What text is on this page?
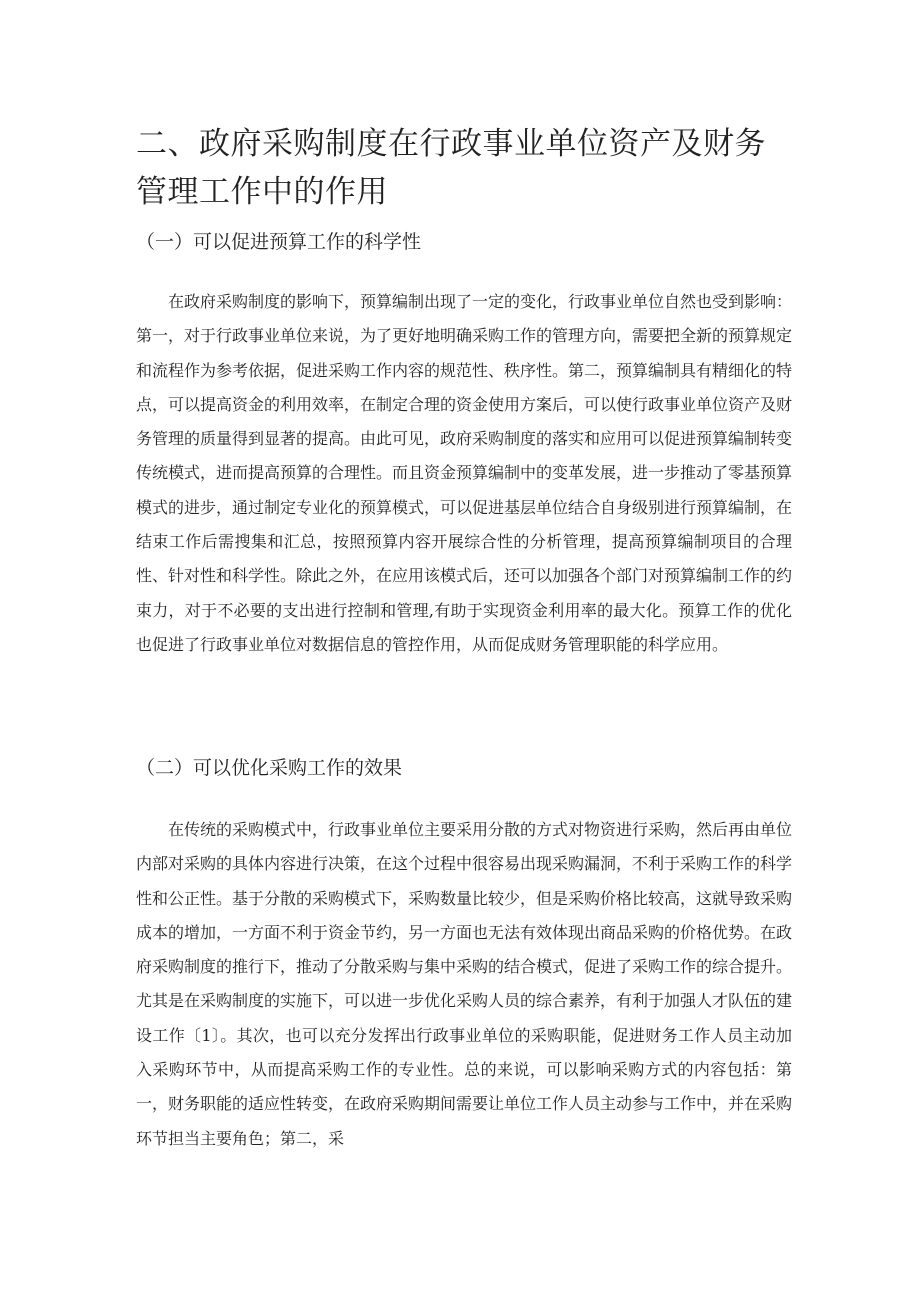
二、政府采购制度在行政事业单位资产及财务管理工作中的作用
（一）可以促进预算工作的科学性

在政府采购制度的影响下，预算编制出现了一定的变化，行政事业单位自然也受到影响：第一，对于行政事业单位来说，为了更好地明确采购工作的管理方向，需要把全新的预算规定和流程作为参考依据，促进采购工作内容的规范性、秩序性。第二，预算编制具有精细化的特点，可以提高资金的利用效率，在制定合理的资金使用方案后，可以使行政事业单位资产及财务管理的质量得到显著的提高。由此可见，政府采购制度的落实和应用可以促进预算编制转变传统模式，进而提高预算的合理性。而且资金预算编制中的变革发展，进一步推动了零基预算模式的进步，通过制定专业化的预算模式，可以促进基层单位结合自身级别进行预算编制，在结束工作后需搜集和汇总，按照预算内容开展综合性的分析管理，提高预算编制项目的合理性、针对性和科学性。除此之外，在应用该模式后，还可以加强各个部门对预算编制工作的约束力，对于不必要的支出进行控制和管理,有助于实现资金利用率的最大化。预算工作的优化也促进了行政事业单位对数据信息的管控作用，从而促成财务管理职能的科学应用。

（二）可以优化采购工作的效果

在传统的采购模式中，行政事业单位主要采用分散的方式对物资进行采购，然后再由单位内部对采购的具体内容进行决策，在这个过程中很容易出现采购漏洞，不利于采购工作的科学性和公正性。基于分散的采购模式下，采购数量比较少，但是采购价格比较高，这就导致采购成本的增加，一方面不利于资金节约，另一方面也无法有效体现出商品采购的价格优势。在政府采购制度的推行下，推动了分散采购与集中采购的结合模式，促进了采购工作的综合提升。尤其是在采购制度的实施下，可以进一步优化采购人员的综合素养，有利于加强人才队伍的建设工作〔1〕。其次，也可以充分发挥出行政事业单位的采购职能，促进财务工作人员主动加入采购环节中，从而提高采购工作的专业性。总的来说，可以影响采购方式的内容包括：第一，财务职能的适应性转变，在政府采购期间需要让单位工作人员主动参与工作中，并在采购环节担当主要角色；第二，采
